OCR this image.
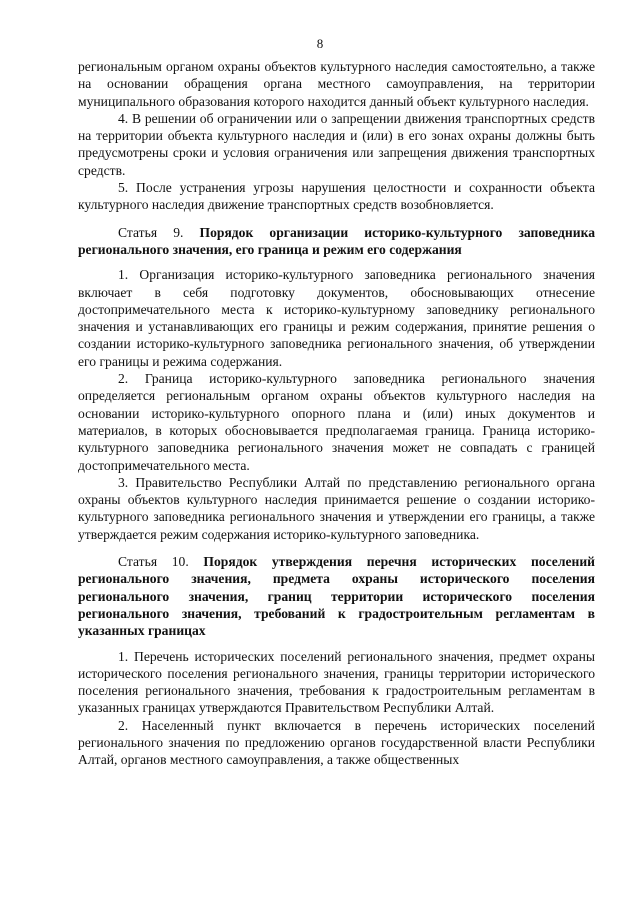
8

региональным органом охраны объектов культурного наследия самостоятельно, а также на основании обращения органа местного самоуправления, на территории муниципального образования которого находится данный объект культурного наследия.

4. В решении об ограничении или о запрещении движения транспортных средств на территории объекта культурного наследия и (или) в его зонах охраны должны быть предусмотрены сроки и условия ограничения или запрещения движения транспортных средств.

5. После устранения угрозы нарушения целостности и сохранности объекта культурного наследия движение транспортных средств возобновляется.

Статья 9. Порядок организации историко-культурного заповедника регионального значения, его граница и режим его содержания

1. Организация историко-культурного заповедника регионального значения включает в себя подготовку документов, обосновывающих отнесение достопримечательного места к историко-культурному заповеднику регионального значения и устанавливающих его границы и режим содержания, принятие решения о создании историко-культурного заповедника регионального значения, об утверждении его границы и режима содержания.

2. Граница историко-культурного заповедника регионального значения определяется региональным органом охраны объектов культурного наследия на основании историко-культурного опорного плана и (или) иных документов и материалов, в которых обосновывается предполагаемая граница. Граница историко-культурного заповедника регионального значения может не совпадать с границей достопримечательного места.

3. Правительство Республики Алтай по представлению регионального органа охраны объектов культурного наследия принимается решение о создании историко-культурного заповедника регионального значения и утверждении его границы, а также утверждается режим содержания историко-культурного заповедника.

Статья 10. Порядок утверждения перечня исторических поселений регионального значения, предмета охраны исторического поселения регионального значения, границ территории исторического поселения регионального значения, требований к градостроительным регламентам в указанных границах

1. Перечень исторических поселений регионального значения, предмет охраны исторического поселения регионального значения, границы территории исторического поселения регионального значения, требования к градостроительным регламентам в указанных границах утверждаются Правительством Республики Алтай.

2. Населенный пункт включается в перечень исторических поселений регионального значения по предложению органов государственной власти Республики Алтай, органов местного самоуправления, а также общественных
